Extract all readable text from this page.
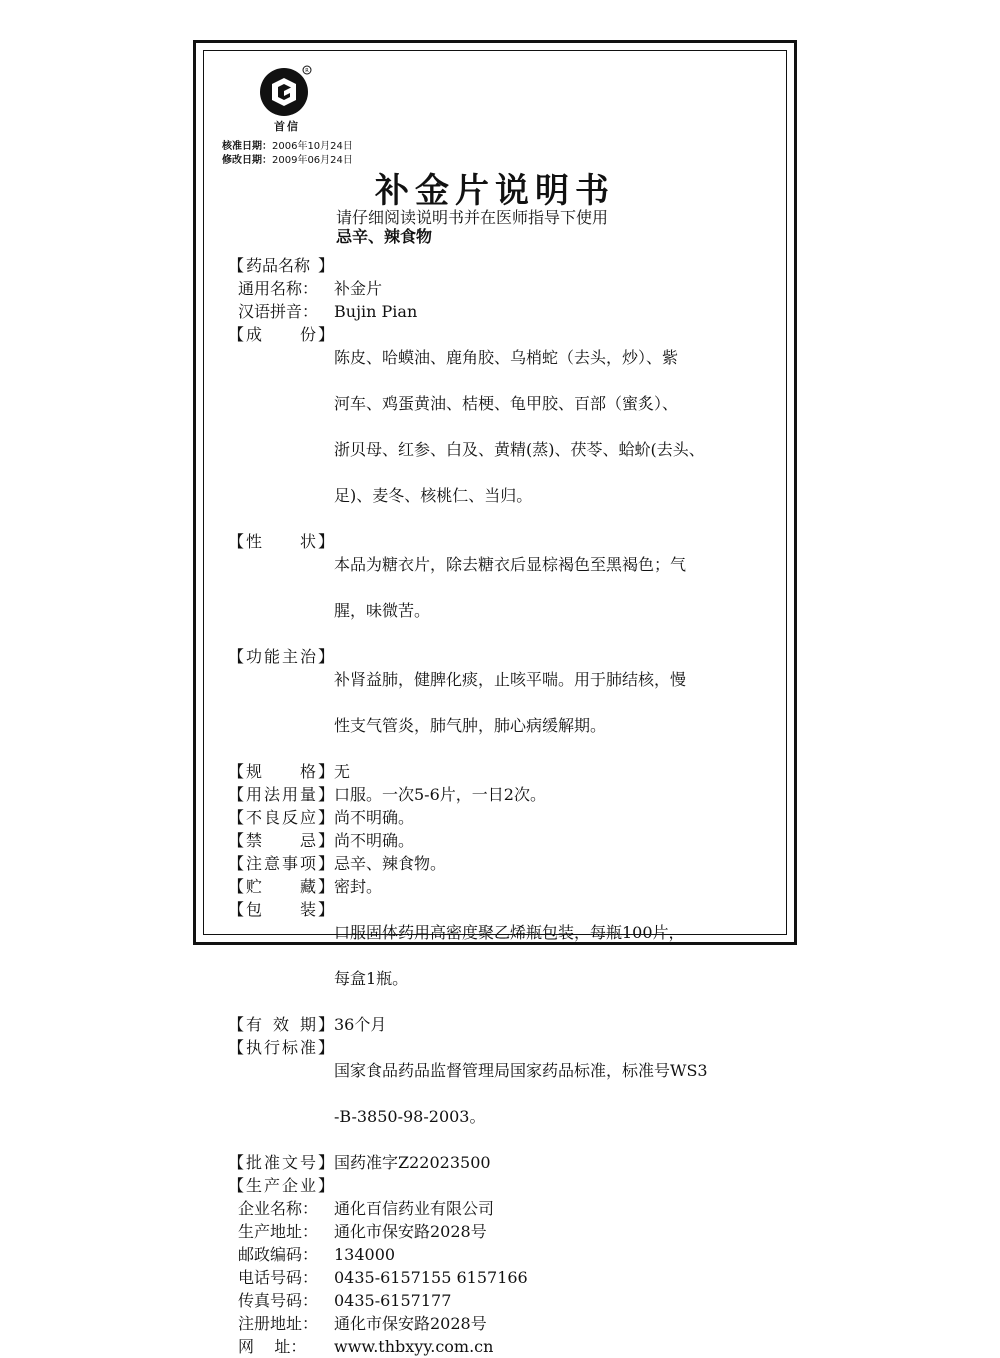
R
首信
核准日期：2006年10月24日
修改日期：2009年06月24日
补金片说明书
请仔细阅读说明书并在医师指导下使用
忌辛、辣食物
【 药品名称 】
通用名称： 补金片
汉语拼音： Bujin Pian
【 成 份 】

陈皮、哈蟆油、鹿角胶、乌梢蛇（去头，炒）、紫

河车、鸡蛋黄油、桔梗、龟甲胶、百部（蜜炙）、

浙贝母、红参、白及、黄精(蒸)、茯苓、蛤蚧(去头、

足)、麦冬、核桃仁、当归。

【 性 状 】

本品为糖衣片，除去糖衣后显棕褐色至黑褐色；气

腥，味微苦。

【 功 能 主 治 】

补肾益肺，健脾化痰，止咳平喘。用于肺结核，慢

性支气管炎，肺气肿，肺心病缓解期。

【 规 格 】 无
【 用 法 用 量 】 口服。一次5-6片，一日2次。
【 不 良 反 应 】 尚不明确。
【 禁 忌 】 尚不明确。
【 注 意 事 项 】 忌辛、辣食物。
【 贮 藏 】 密封。
【 包 装 】

口服固体药用高密度聚乙烯瓶包装，每瓶100片，

每盒1瓶。

【 有 效 期 】 36个月
【 执 行 标 准 】

国家食品药品监督管理局国家药品标准，标准号WS3

-B-3850-98-2003。

【 批 准 文 号 】 国药准字Z22023500
【 生 产 企 业 】
企业名称： 通化百信药业有限公司
生产地址： 通化市保安路2028号
邮政编码： 134000
电话号码： 0435-6157155 6157166
传真号码： 0435-6157177
注册地址： 通化市保安路2028号
网    址：	www.thbxyy.com.cn
